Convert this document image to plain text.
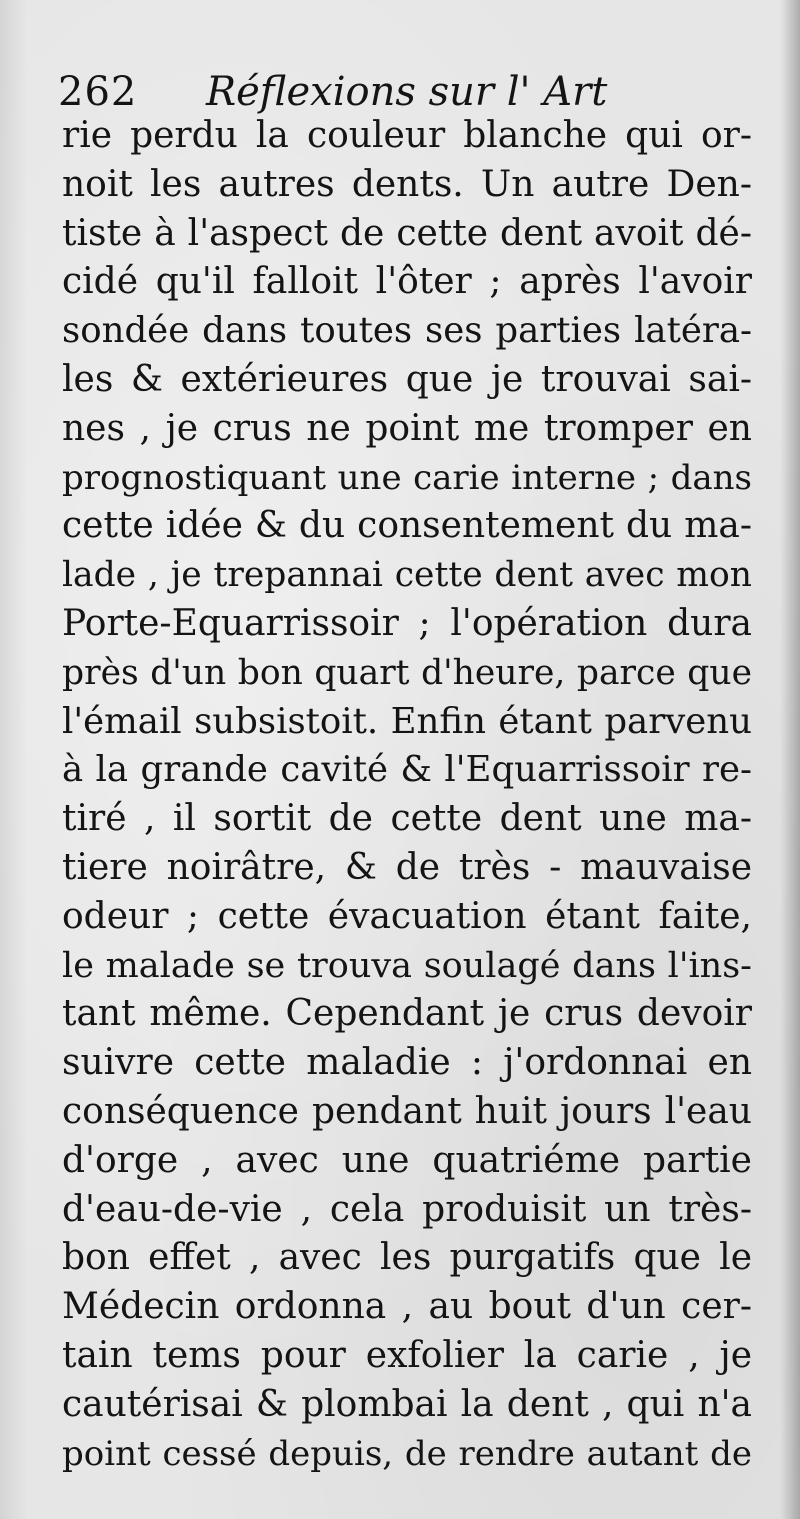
262 Réflexions sur l' Art
rie perdu la couleur blanche qui or-
noit les autres dents. Un autre Den-
tiste à l'aspect de cette dent avoit dé-
cidé qu'il falloit l'ôter ; après l'avoir
sondée dans toutes ses parties latéra-
les & extérieures que je trouvai sai-
nes , je crus ne point me tromper en
prognostiquant une carie interne ; dans
cette idée & du consentement du ma-
lade , je trepannai cette dent avec mon
Porte-Equarrissoir ; l'opération dura
près d'un bon quart d'heure, parce que
l'émail subsistoit. Enfin étant parvenu
à la grande cavité & l'Equarrissoir re-
tiré , il sortit de cette dent une ma-
tiere noirâtre, & de très - mauvaise
odeur ; cette évacuation étant faite,
le malade se trouva soulagé dans l'ins-
tant même. Cependant je crus devoir
suivre cette maladie : j'ordonnai en
conséquence pendant huit jours l'eau
d'orge , avec une quatriéme partie
d'eau-de-vie , cela produisit un très-
bon effet , avec les purgatifs que le
Médecin ordonna , au bout d'un cer-
tain tems pour exfolier la carie , je
cautérisai & plombai la dent , qui n'a
point cessé depuis, de rendre autant de
